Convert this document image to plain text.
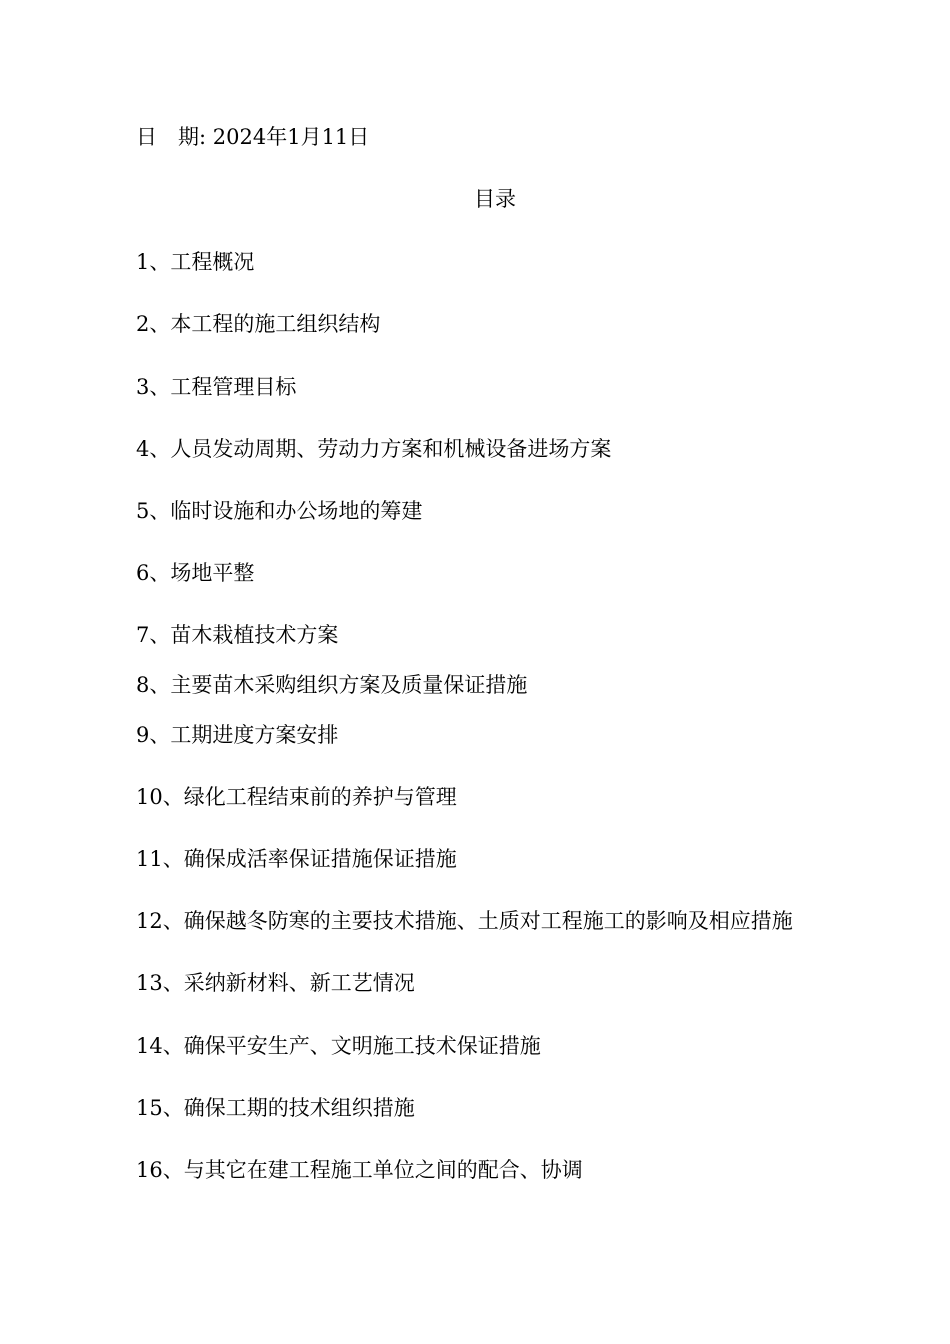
日　期: 2024年1月11日
目录
1、工程概况
2、本工程的施工组织结构
3、工程管理目标
4、人员发动周期、劳动力方案和机械设备进场方案
5、临时设施和办公场地的筹建
6、场地平整
7、苗木栽植技术方案
8、主要苗木采购组织方案及质量保证措施
9、工期进度方案安排
10、绿化工程结束前的养护与管理
11、确保成活率保证措施保证措施
12、确保越冬防寒的主要技术措施、土质对工程施工的影响及相应措施
13、采纳新材料、新工艺情况
14、确保平安生产、文明施工技术保证措施
15、确保工期的技术组织措施
16、与其它在建工程施工单位之间的配合、协调
